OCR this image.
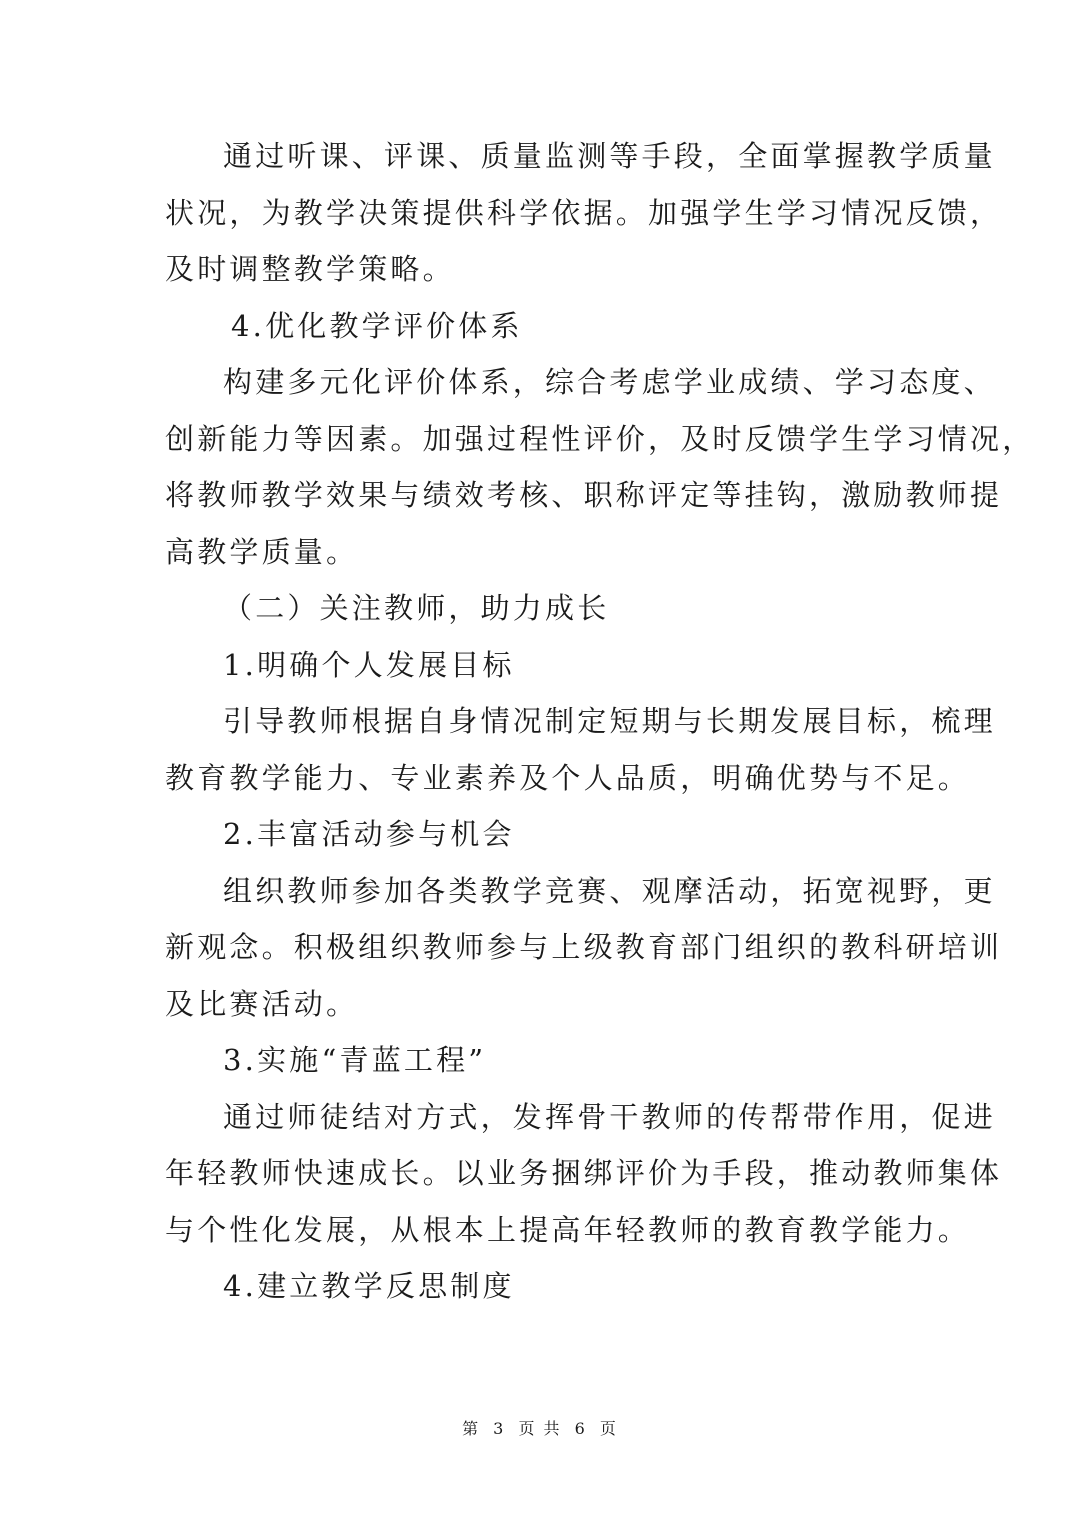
通过听课、评课、质量监测等手段，全面掌握教学质量
状况，为教学决策提供科学依据。加强学生学习情况反馈，
及时调整教学策略。
4.优化教学评价体系
构建多元化评价体系，综合考虑学业成绩、学习态度、
创新能力等因素。加强过程性评价，及时反馈学生学习情况，
将教师教学效果与绩效考核、职称评定等挂钩，激励教师提
高教学质量。
（二）关注教师，助力成长
1.明确个人发展目标
引导教师根据自身情况制定短期与长期发展目标，梳理
教育教学能力、专业素养及个人品质，明确优势与不足。
2.丰富活动参与机会
组织教师参加各类教学竞赛、观摩活动，拓宽视野，更
新观念。积极组织教师参与上级教育部门组织的教科研培训
及比赛活动。
3.实施“青蓝工程”
通过师徒结对方式，发挥骨干教师的传帮带作用，促进
年轻教师快速成长。以业务捆绑评价为手段，推动教师集体
与个性化发展，从根本上提高年轻教师的教育教学能力。
4.建立教学反思制度
第 3 页 共 6 页
